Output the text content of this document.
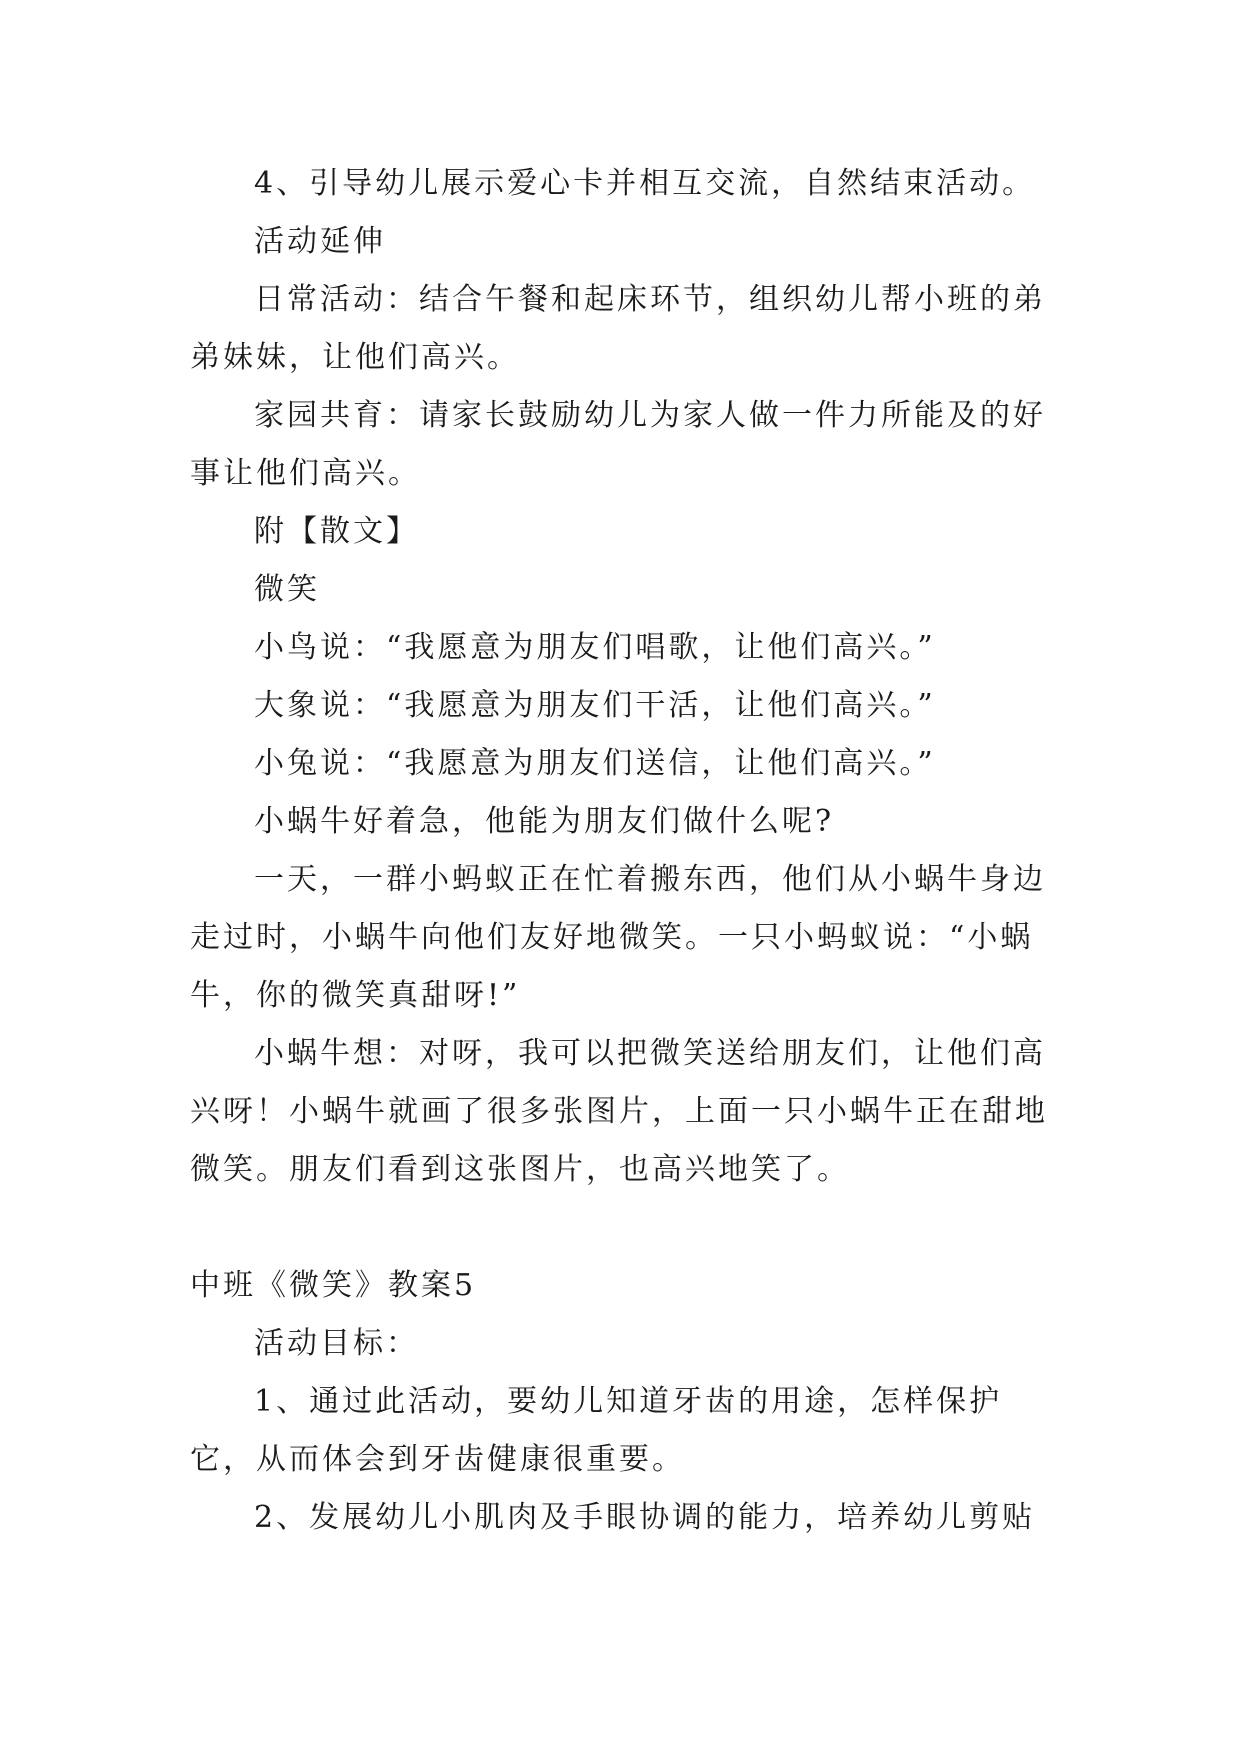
4、引导幼儿展示爱心卡并相互交流，自然结束活动。

活动延伸

日常活动：结合午餐和起床环节，组织幼儿帮小班的弟弟妹妹，让他们高兴。

家园共育：请家长鼓励幼儿为家人做一件力所能及的好事让他们高兴。

附【散文】

微笑

小鸟说：“我愿意为朋友们唱歌，让他们高兴。”

大象说：“我愿意为朋友们干活，让他们高兴。”

小兔说：“我愿意为朋友们送信，让他们高兴。”

小蜗牛好着急，他能为朋友们做什么呢?

一天，一群小蚂蚁正在忙着搬东西，他们从小蜗牛身边走过时，小蜗牛向他们友好地微笑。一只小蚂蚁说：“小蜗牛，你的微笑真甜呀!”

小蜗牛想：对呀，我可以把微笑送给朋友们，让他们高兴呀！小蜗牛就画了很多张图片，上面一只小蜗牛正在甜地微笑。朋友们看到这张图片，也高兴地笑了。

中班《微笑》教案5

活动目标：

1、通过此活动，要幼儿知道牙齿的用途，怎样保护它，从而体会到牙齿健康很重要。

2、发展幼儿小肌肉及手眼协调的能力，培养幼儿剪贴
